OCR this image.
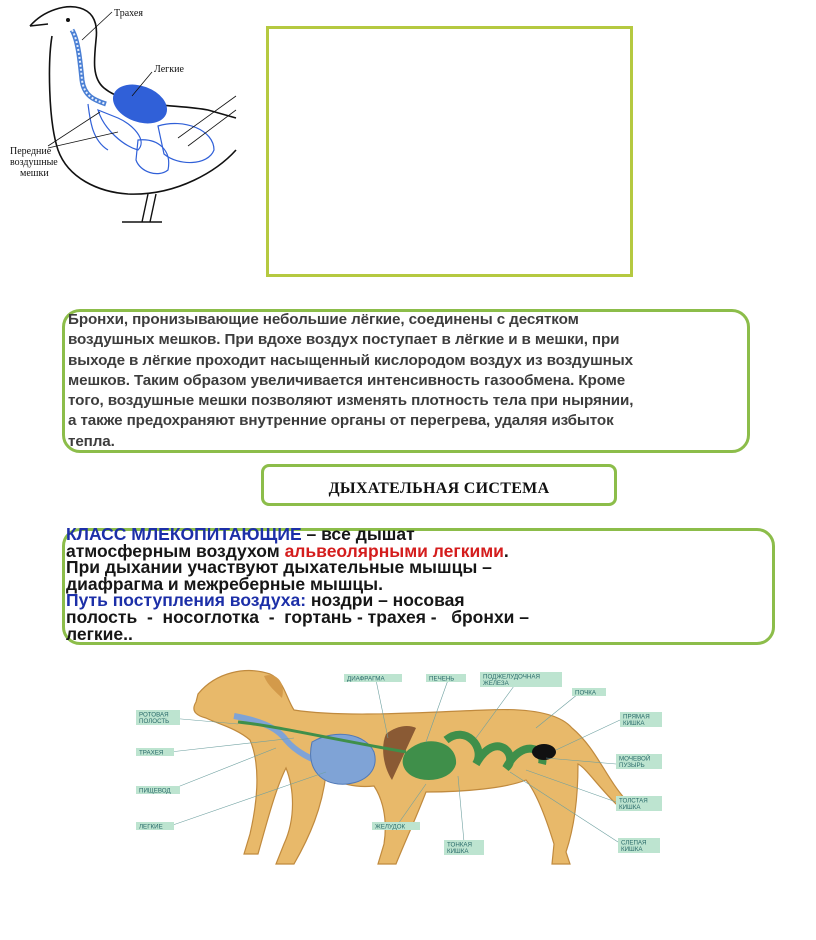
Трахея
Легкие
Передние
воздушные
мешки
Бронхи, пронизывающие небольшие лёгкие, соединены с десятком
воздушных мешков. При вдохе воздух поступает в лёгкие и в мешки, при
выходе в лёгкие проходит насыщенный кислородом воздух из воздушных
мешков. Таким образом увеличивается интенсивность газообмена. Кроме
того, воздушные мешки позволяют изменять плотность тела при нырянии,
а также предохраняют внутренние органы от перегрева, удаляя избыток
тепла.
ДЫХАТЕЛЬНАЯ СИСТЕМА
КЛАСС МЛЕКОПИТАЮЩИЕ – все дышат
атмосферным воздухом альвеолярными легкими.
При дыхании участвуют дыхательные мышцы –
диафрагма и межреберные мышцы.
Путь поступления воздуха: ноздри – носовая
полость  -  носоглотка  -  гортань - трахея -   бронхи –
легкие..
РОТОВАЯ
ПОЛОСТЬ
ТРАХЕЯ
ПИЩЕВОД
ЛЕГКИЕ
ДИАФРАГМА	ПЕЧЕНЬ	ПОДЖЕЛУДОЧНАЯ
ЖЕЛЕЗА
ПОЧКА
ПРЯМАЯ
КИШКА
МОЧЕВОЙ
ПУЗЫРЬ
ТОЛСТАЯ
КИШКА
СЛЕПАЯ
КИШКА
ТОНКАЯ
КИШКА
ЖЕЛУДОК
